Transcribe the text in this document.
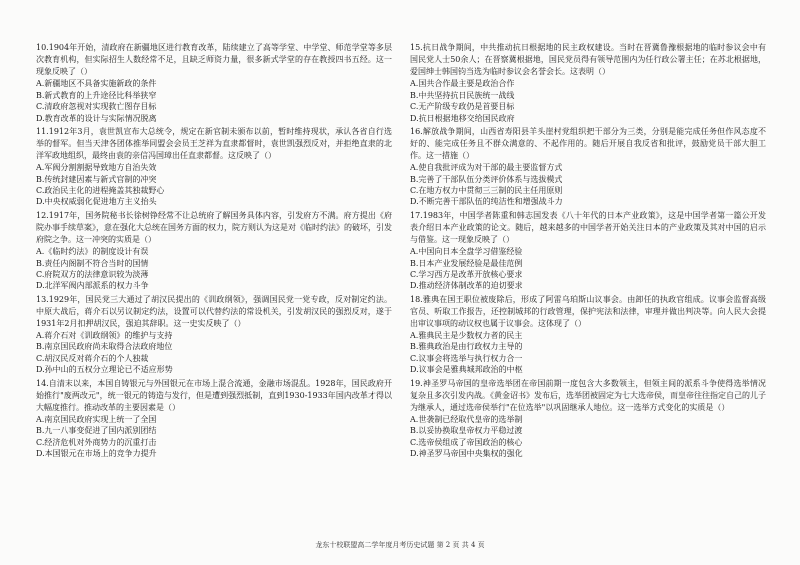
10.1904年开始，清政府在新疆地区进行教育改革，陆续建立了高等学堂、中学堂、师范学堂等多层次教育机构，但实际招生人数经常不足，且缺乏师资力量，很多新式学堂的存在教授四书五经。这一现象反映了（）

A.新疆地区不具备实施新政的条件

B.新式教育的上升途径比科举狭窄

C.清政府忽视对实现救亡图存目标

D.教育改革的设计与实际情况脱离

11.1912年3月，袁世凯宣布大总统令，规定在新官制未颁布以前，暂时维持现状，承认各省自行选举的督军。但当天津各团体推举同盟会会员王芝祥为直隶都督时，袁世凯强烈反对，并拒绝直隶的北洋军政地组织，最终由袁的亲信冯国璋出任直隶都督。这反映了（）

A.军阀分割割据导致地方自治失效

B.传统封建因素与新式官制的冲突

C.政治民主化的进程掩盖其独裁野心

D.中央权威弱化促进地方主义抬头

12.1917年，国务院秘书长徐树铮经常不让总统府了解国务具体内容，引发府方不满。府方提出《府院办事手续草案》，意在强化大总统在国务方面的权力，院方则认为这是对《临时约法》的破坏，引发府院之争。这一冲突的实质是（）

A.《临时约法》的制度设计有误

B.责任内阁制不符合当时的国情

C.府院双方的法律意识较为淡薄

D.北洋军阀内部派系的权力斗争

13.1929年，国民党三大通过了胡汉民提出的《训政纲领》，强调国民党一党专政，反对制定约法。中原大战后，蒋介石以另议制定约法，设置可以代替约法的常设机关，引发胡汉民的强烈反对，遂于1931年2月扣押胡汉民，强迫其辞职。这一史实反映了（）

A.蒋介石对《训政纲领》的维护与支持

B.南京国民政府尚未取得合法政府地位

C.胡汉民反对蒋介石的个人独裁

D.孙中山的五权分立理论已不适应形势

14.自清末以来，本国自铸银元与外国银元在市场上混合流通，金融市场混乱。1928年，国民政府开始推行"废两改元"，统一银元的铸造与发行，但是遭到强烈抵制，直到1930-1933年国内改革才得以大幅度推行。推动改革的主要因素是（）

A.南京国民政府实现上统一了全国

B.九一八事变促进了国内派别团结

C.经济危机对外商势力的沉重打击

D.本国银元在市场上的竞争力提升

15.抗日战争期间，中共推动抗日根据地的民主政权建设。当时在晋冀鲁豫根据地的临时参议会中有国民党人士50余人；在晋察冀根据地，国民党员得有领导范围内为任行政公署主任；在苏北根据地，爱国绅士韩国钧当选为临时参议会名誉会长。这表明（）

A.国共合作最主要是政治合作

B.中共坚持抗日民族统一战线

C.无产阶级专政仍是首要目标

D.抗日根据地移交给国民政府

16.解放战争期间，山西省寿阳县羊头崖村党组织把干部分为三类，分别是能完成任务但作风态度不好的、能完成任务且不群众满意的、不起作用的。随后开展自我反省和批评，鼓励党员干部大胆工作。这一措施（）

A.使自我批评成为对干部的最主要监督方式

B.完善了干部队伍分类评价体系与选拔模式

C.在地方权力中贯彻三三制的民主任用原则

D.不断完善干部队伍的纯洁性和增强战斗力

17.1983年，中国学者陈重和韩志国发表《八十年代的日本产业政策》，这是中国学者第一篇公开发表介绍日本产业政策的论文。随后，越来越多的中国学者开始关注日本的产业政策及其对中国的启示与借鉴。这一现象反映了（）

A.中国向日本全盘学习借鉴经验

B.日本产业发展经验是最佳范例

C.学习西方是改革开放核心要求

D.推动经济体制改革的迫切要求

18.雅典在国王职位被废除后，形成了阿雷乌珀斯山议事会。由卸任的执政官组成。议事会监督高级官员、听取工作报告，还控制城邦的行政管理，保护宪法和法律，审理并做出判决等。向人民大会提出审议事项的动议权也属于议事会。这体现了（）

A.雅典民主是少数权力者的民主

B.雅典政治是由行政权力主导的

C.议事会将选举与执行权力合一

D.议事会是雅典城邦政治的中枢

19.神圣罗马帝国的皇帝选举团在帝国前期一度包含大多数领主，但领主间的派系斗争使得选举情况复杂且多次引发内战。《黄金诏书》发布后，选举团被固定为七大选帝侯，而皇帝往往指定自己的儿子为继承人，通过选帝侯举行"在位选举"以巩固继承人地位。这一选举方式变化的实质是（）

A.世袭制已经取代皇帝的选举制

B.以妥协换取皇帝权力平稳过渡

C.选帝侯组成了帝国政治的核心

D.神圣罗马帝国中央集权的强化

龙东十校联盟高二学年度月考历史试题 第 2 页 共 4 页
